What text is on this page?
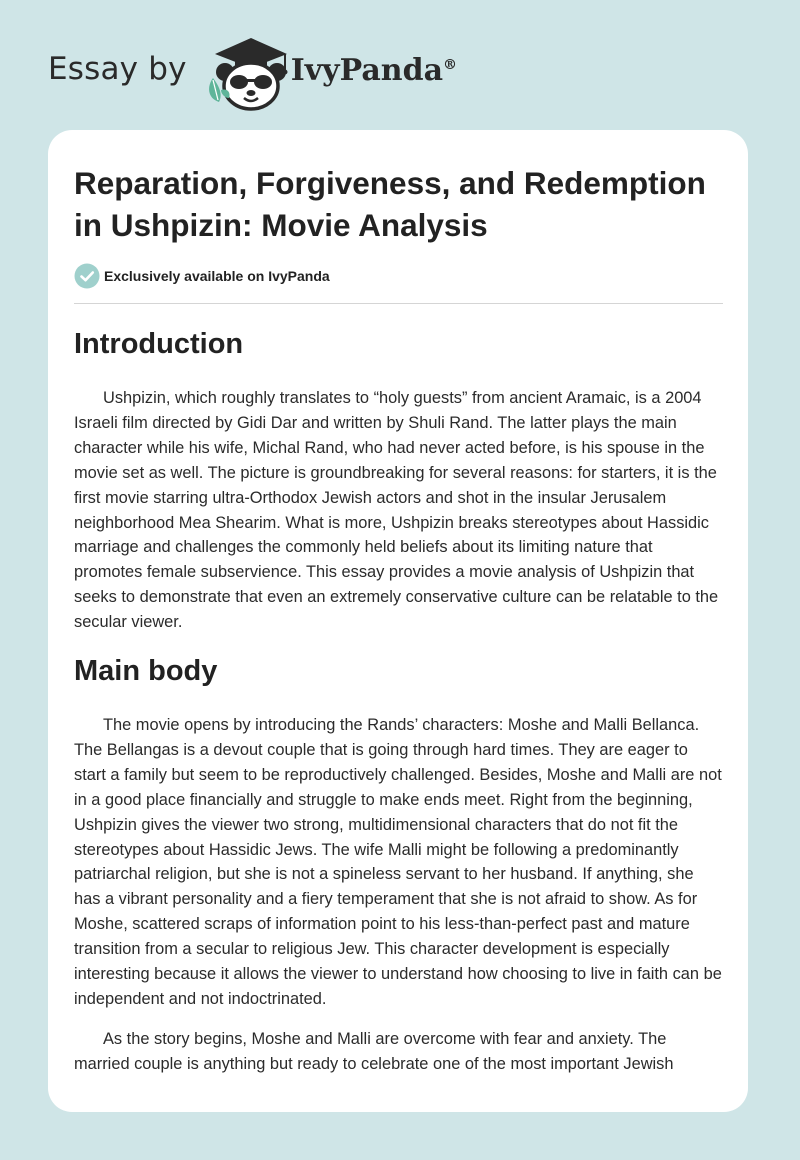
Essay by	IvyPanda®
Reparation, Forgiveness, and Redemption in Ushpizin: Movie Analysis
Exclusively available on IvyPanda
Introduction

Ushpizin, which roughly translates to “holy guests” from ancient Aramaic, is a 2004 Israeli film directed by Gidi Dar and written by Shuli Rand. The latter plays the main character while his wife, Michal Rand, who had never acted before, is his spouse in the movie set as well. The picture is groundbreaking for several reasons: for starters, it is the first movie starring ultra-Orthodox Jewish actors and shot in the insular Jerusalem neighborhood Mea Shearim. What is more, Ushpizin breaks stereotypes about Hassidic marriage and challenges the commonly held beliefs about its limiting nature that promotes female subservience. This essay provides a movie analysis of Ushpizin that seeks to demonstrate that even an extremely conservative culture can be relatable to the secular viewer.

Main body

The movie opens by introducing the Rands’ characters: Moshe and Malli Bellanca. The Bellangas is a devout couple that is going through hard times. They are eager to start a family but seem to be reproductively challenged. Besides, Moshe and Malli are not in a good place financially and struggle to make ends meet. Right from the beginning, Ushpizin gives the viewer two strong, multidimensional characters that do not fit the stereotypes about Hassidic Jews. The wife Malli might be following a predominantly patriarchal religion, but she is not a spineless servant to her husband. If anything, she has a vibrant personality and a fiery temperament that she is not afraid to show. As for Moshe, scattered scraps of information point to his less-than-perfect past and mature transition from a secular to religious Jew. This character development is especially interesting because it allows the viewer to understand how choosing to live in faith can be independent and not indoctrinated.

As the story begins, Moshe and Malli are overcome with fear and anxiety. The married couple is anything but ready to celebrate one of the most important Jewish
